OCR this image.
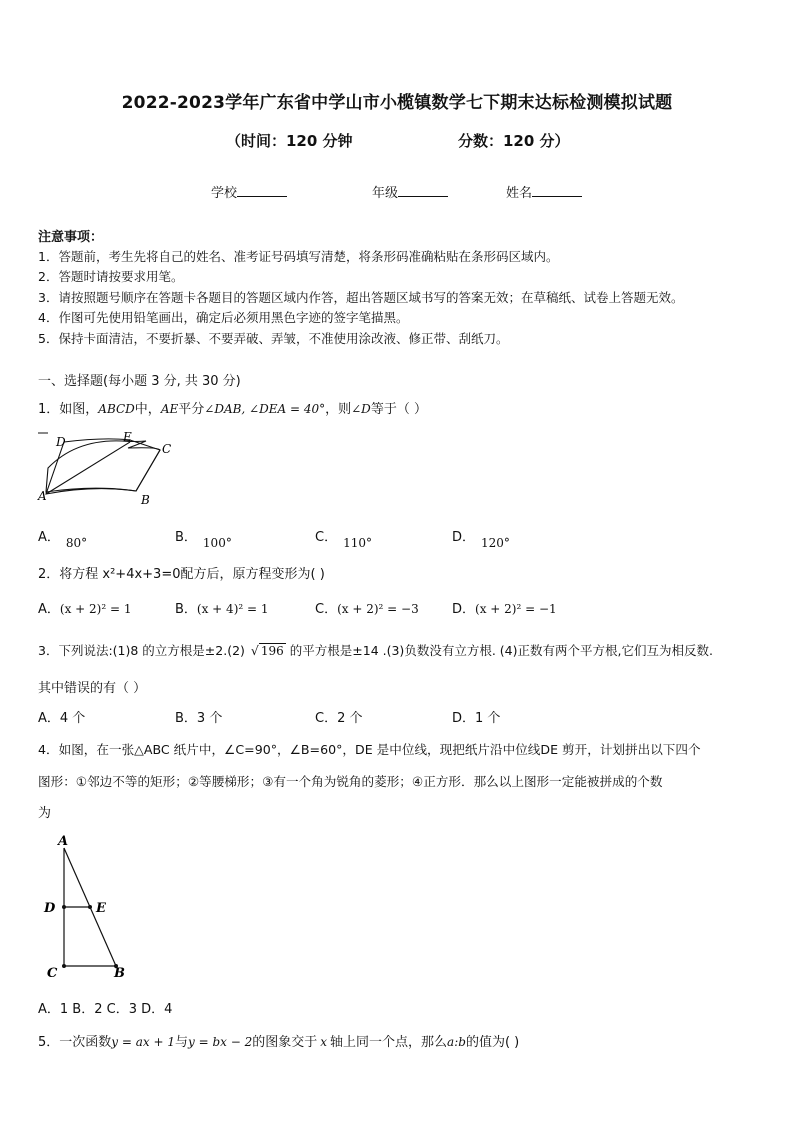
2022-2023学年广东省中学山市小榄镇数学七下期末达标检测模拟试题
（时间：120 分钟	分数：120 分）
学校	年级	姓名
注意事项：
1．答题前，考生先将自己的姓名、准考证号码填写清楚，将条形码准确粘贴在条形码区域内。
2．答题时请按要求用笔。
3．请按照题号顺序在答题卡各题目的答题区域内作答，超出答题区域书写的答案无效；在草稿纸、试卷上答题无效。
4．作图可先使用铅笔画出，确定后必须用黑色字迹的签字笔描黑。
5．保持卡面清洁，不要折暴、不要弄破、弄皱，不准使用涂改液、修正带、刮纸刀。
一、选择题(每小题 3 分, 共 30 分)
1．如图，ABCD中，AE平分∠DAB, ∠DEA = 40°，则∠D等于（ ）
D	E
C
A	B
A． 80°	B． 100°	C． 110°	D． 120°
2．将方程 x²+4x+3=0配方后，原方程变形为( )
A．(x + 2)² = 1	B．(x + 4)² = 1	C．(x + 2)² = −3	D．(x + 2)² = −1
3．下列说法:(1)8 的立方根是±2.(2) √ 196 的平方根是±14 .(3)负数没有立方根. (4)正数有两个平方根,它们互为相反数.
其中错误的有（ ）
A．4 个	B．3 个	C．2 个	D．1 个
4．如图，在一张△ABC 纸片中，∠C=90°，∠B=60°，DE 是中位线，现把纸片沿中位线DE 剪开，计划拼出以下四个
图形：①邻边不等的矩形；②等腰梯形；③有一个角为锐角的菱形；④正方形．那么以上图形一定能被拼成的个数
为
A
D	E
C	B
A．1 B．2 C．3 D．4
5．一次函数y = ax + 1与y = bx − 2的图象交于 x 轴上同一个点，那么a:b的值为( )
